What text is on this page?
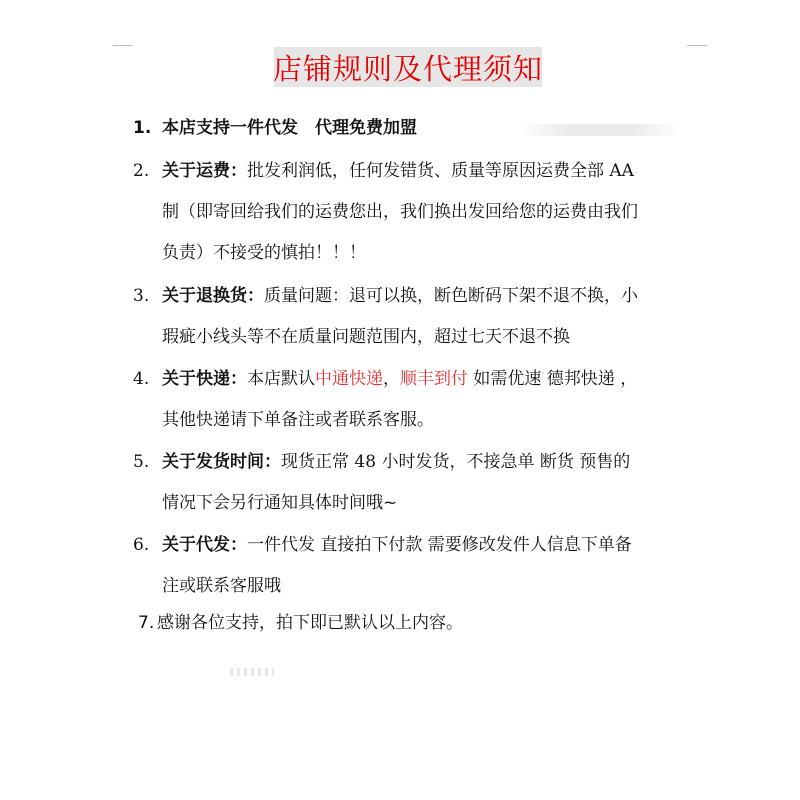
店铺规则及代理须知
1. 本店支持一件代发　代理免费加盟
2. 关于运费：批发利润低，任何发错货、质量等原因运费全部 AA
制（即寄回给我们的运费您出，我们换出发回给您的运费由我们
负责）不接受的慎拍！！！
3. 关于退换货：质量问题：退可以换，断色断码下架不退不换，小
瑕疵小线头等不在质量问题范围内，超过七天不退不换
4. 关于快递：本店默认中通快递，顺丰到付 如需优速 德邦快递 ，
其他快递请下单备注或者联系客服。
5. 关于发货时间：现货正常 48 小时发货，不接急单 断货 预售的
情况下会另行通知具体时间哦~
6. 关于代发：一件代发 直接拍下付款 需要修改发件人信息下单备
注或联系客服哦
7. 感谢各位支持，拍下即已默认以上内容。
